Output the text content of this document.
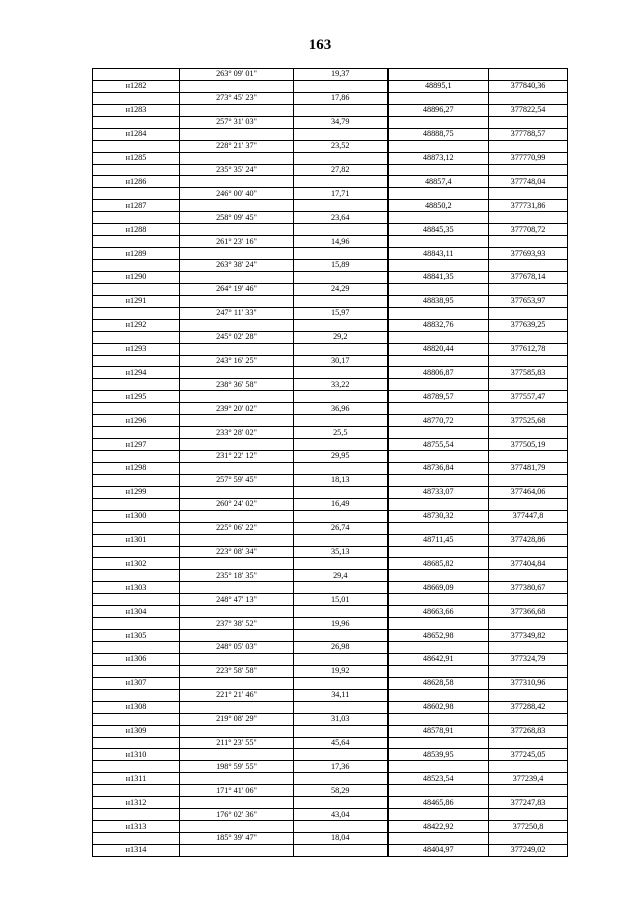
163
	263° 09' 01"	19,37		
н1282			48895,1	377840,36
	273° 45' 23"	17,86		
н1283			48896,27	377822,54
	257° 31' 03"	34,79		
н1284			48888,75	377788,57
	228° 21' 37"	23,52		
н1285			48873,12	377770,99
	235° 35' 24"	27,82		
н1286			48857,4	377748,04
	246° 00' 40"	17,71		
н1287			48850,2	377731,86
	258° 09' 45"	23,64		
н1288			48845,35	377708,72
	261° 23' 16"	14,96		
н1289			48843,11	377693,93
	263° 38' 24"	15,89		
н1290			48841,35	377678,14
	264° 19' 46"	24,29		
н1291			48838,95	377653,97
	247° 11' 33"	15,97		
н1292			48832,76	377639,25
	245° 02' 28"	29,2		
н1293			48820,44	377612,78
	243° 16' 25"	30,17		
н1294			48806,87	377585,83
	238° 36' 58"	33,22		
н1295			48789,57	377557,47
	239° 20' 02"	36,96		
н1296			48770,72	377525,68
	233° 28' 02"	25,5		
н1297			48755,54	377505,19
	231° 22' 12"	29,95		
н1298			48736,84	377481,79
	257° 59' 45"	18,13		
н1299			48733,07	377464,06
	260° 24' 02"	16,49		
н1300			48730,32	377447,8
	225° 06' 22"	26,74		
н1301			48711,45	377428,86
	223° 08' 34"	35,13		
н1302			48685,82	377404,84
	235° 18' 35"	29,4		
н1303			48669,09	377380,67
	248° 47' 13"	15,01		
н1304			48663,66	377366,68
	237° 38' 52"	19,96		
н1305			48652,98	377349,82
	248° 05' 03"	26,98		
н1306			48642,91	377324,79
	223° 58' 58"	19,92		
н1307			48628,58	377310,96
	221° 21' 46"	34,11		
н1308			48602,98	377288,42
	219° 08' 29"	31,03		
н1309			48578,91	377268,83
	211° 23' 55"	45,64		
н1310			48539,95	377245,05
	198° 59' 55"	17,36		
н1311			48523,54	377239,4
	171° 41' 06"	58,29		
н1312			48465,86	377247,83
	176° 02' 36"	43,04		
н1313			48422,92	377250,8
	185° 39' 47"	18,04		
н1314			48404,97	377249,02
